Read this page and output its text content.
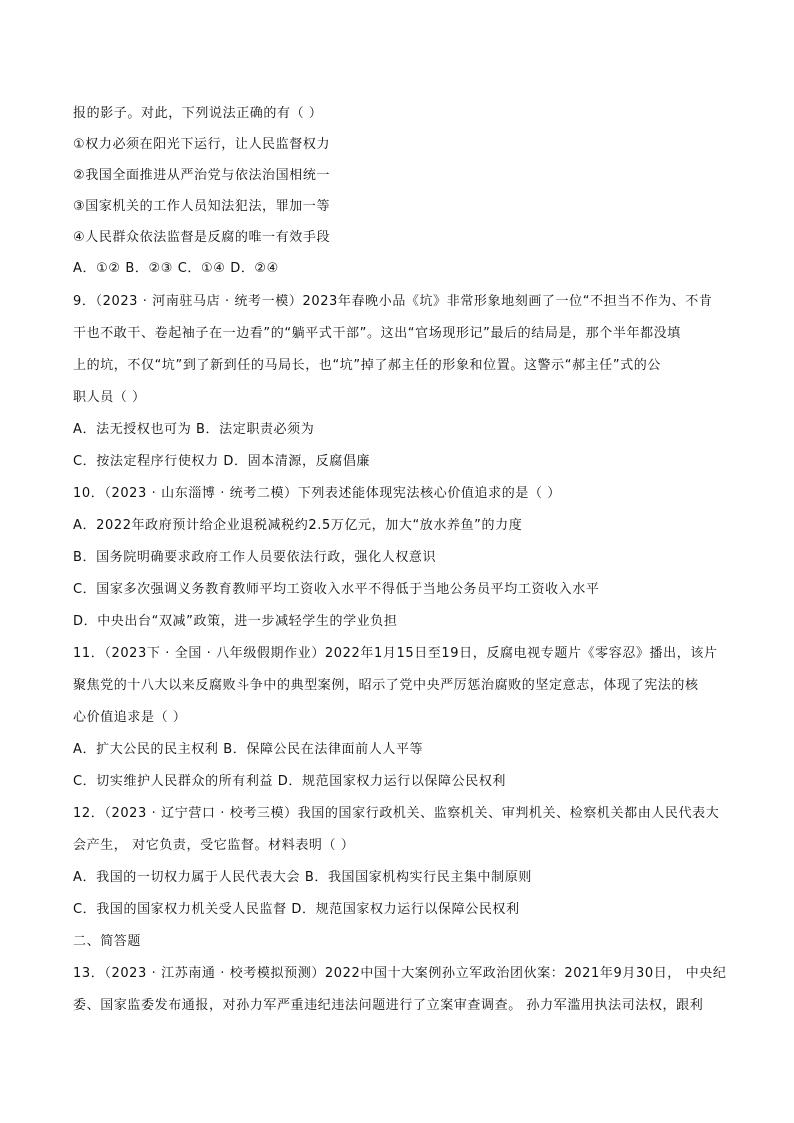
报的影子。对此，下列说法正确的有（ ）
①权力必须在阳光下运行，让人民监督权力
②我国全面推进从严治党与依法治国相统一
③国家机关的工作人员知法犯法，罪加一等
④人民群众依法监督是反腐的唯一有效手段
A．①② B．②③ C．①④ D．②④
9．（2023 · 河南驻马店 · 统考一模）2023年春晚小品《坑》非常形象地刻画了一位“不担当不作为、不肯
干也不敢干、卷起袖子在一边看”的“躺平式干部”。这出“官场现形记”最后的结局是，那个半年都没填
上的坑，不仅“坑”到了新到任的马局长，也“坑”掉了郝主任的形象和位置。这警示“郝主任”式的公
职人员（ ）
A．法无授权也可为 B．法定职责必须为
C．按法定程序行使权力 D．固本清源，反腐倡廉
10．（2023 · 山东淄博 · 统考二模）下列表述能体现宪法核心价值追求的是（ ）
A．2022年政府预计给企业退税减税约2.5万亿元，加大“放水养鱼”的力度
B．国务院明确要求政府工作人员要依法行政，强化人权意识
C．国家多次强调义务教育教师平均工资收入水平不得低于当地公务员平均工资收入水平
D．中央出台“双减”政策，进一步减轻学生的学业负担
11．（2023下 · 全国 · 八年级假期作业）2022年1月15日至19日，反腐电视专题片《零容忍》播出，该片
聚焦党的十八大以来反腐败斗争中的典型案例，昭示了党中央严厉惩治腐败的坚定意志，体现了宪法的核
心价值追求是（ ）
A．扩大公民的民主权利 B．保障公民在法律面前人人平等
C．切实维护人民群众的所有利益 D．规范国家权力运行以保障公民权利
12．（2023 · 辽宁营口 · 校考三模）我国的国家行政机关、监察机关、审判机关、检察机关都由人民代表大
会产生， 对它负责，受它监督。材料表明（ ）
A．我国的一切权力属于人民代表大会 B．我国国家机构实行民主集中制原则
C．我国的国家权力机关受人民监督 D．规范国家权力运行以保障公民权利
二、简答题
13．（2023 · 江苏南通 · 校考模拟预测）2022中国十大案例孙立军政治团伙案：2021年9月30日， 中央纪
委、国家监委发布通报，对孙力军严重违纪违法问题进行了立案审查调查。 孙力军滥用执法司法权，跟利
